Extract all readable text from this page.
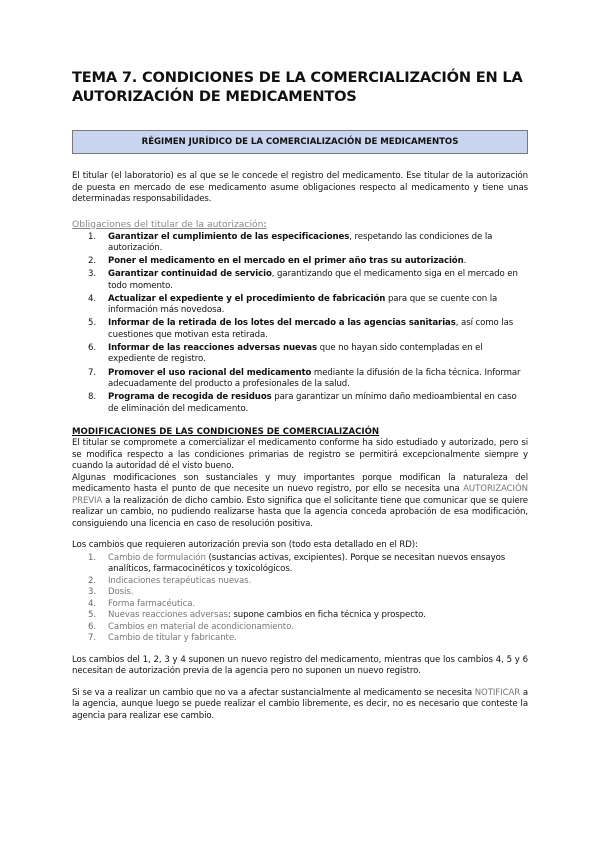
TEMA 7. CONDICIONES DE LA COMERCIALIZACIÓN EN LA AUTORIZACIÓN DE MEDICAMENTOS
RÉGIMEN JURÍDICO DE LA COMERCIALIZACIÓN DE MEDICAMENTOS

El titular (el laboratorio) es al que se le concede el registro del medicamento. Ese titular de la autorización de puesta en mercado de ese medicamento asume obligaciones respecto al medicamento y tiene unas determinadas responsabilidades.

Obligaciones del titular de la autorización:
1. Garantizar el cumplimiento de las especificaciones, respetando las condiciones de la autorización.
2. Poner el medicamento en el mercado en el primer año tras su autorización.
3. Garantizar continuidad de servicio, garantizando que el medicamento siga en el mercado en todo momento.
4. Actualizar el expediente y el procedimiento de fabricación para que se cuente con la información más novedosa.
5. Informar de la retirada de los lotes del mercado a las agencias sanitarias, así como las cuestiones que motivan esta retirada.
6. Informar de las reacciones adversas nuevas que no hayan sido contempladas en el expediente de registro.
7. Promover el uso racional del medicamento mediante la difusión de la ficha técnica. Informar adecuadamente del producto a profesionales de la salud.
8. Programa de recogida de residuos para garantizar un mínimo daño medioambiental en caso de eliminación del medicamento.
MODIFICACIONES DE LAS CONDICIONES DE COMERCIALIZACIÓN

El titular se compromete a comercializar el medicamento conforme ha sido estudiado y autorizado, pero si se modifica respecto a las condiciones primarias de registro se permitirá excepcionalmente siempre y cuando la autoridad dé el visto bueno.

Algunas modificaciones son sustanciales y muy importantes porque modifican la naturaleza del medicamento hasta el punto de que necesite un nuevo registro, por ello se necesita una AUTORIZACIÓN PREVIA a la realización de dicho cambio. Esto significa que el solicitante tiene que comunicar que se quiere realizar un cambio, no pudiendo realizarse hasta que la agencia conceda aprobación de esa modificación, consiguiendo una licencia en caso de resolución positiva.

Los cambios que requieren autorización previa son (todo esta detallado en el RD):

1. Cambio de formulación (sustancias activas, excipientes). Porque se necesitan nuevos ensayos analíticos, farmacocinéticos y toxicológicos.
2. Indicaciones terapéuticas nuevas.
3. Dosis.
4. Forma farmacéutica.
5. Nuevas reacciones adversas: supone cambios en ficha técnica y prospecto.
6. Cambios en material de acondicionamiento.
7. Cambio de titular y fabricante.

Los cambios del 1, 2, 3 y 4 suponen un nuevo registro del medicamento, mientras que los cambios 4, 5 y 6 necesitan de autorización previa de la agencia pero no suponen un nuevo registro.

Si se va a realizar un cambio que no va a afectar sustancialmente al medicamento se necesita NOTIFICAR a la agencia, aunque luego se puede realizar el cambio libremente, es decir, no es necesario que conteste la agencia para realizar ese cambio.
